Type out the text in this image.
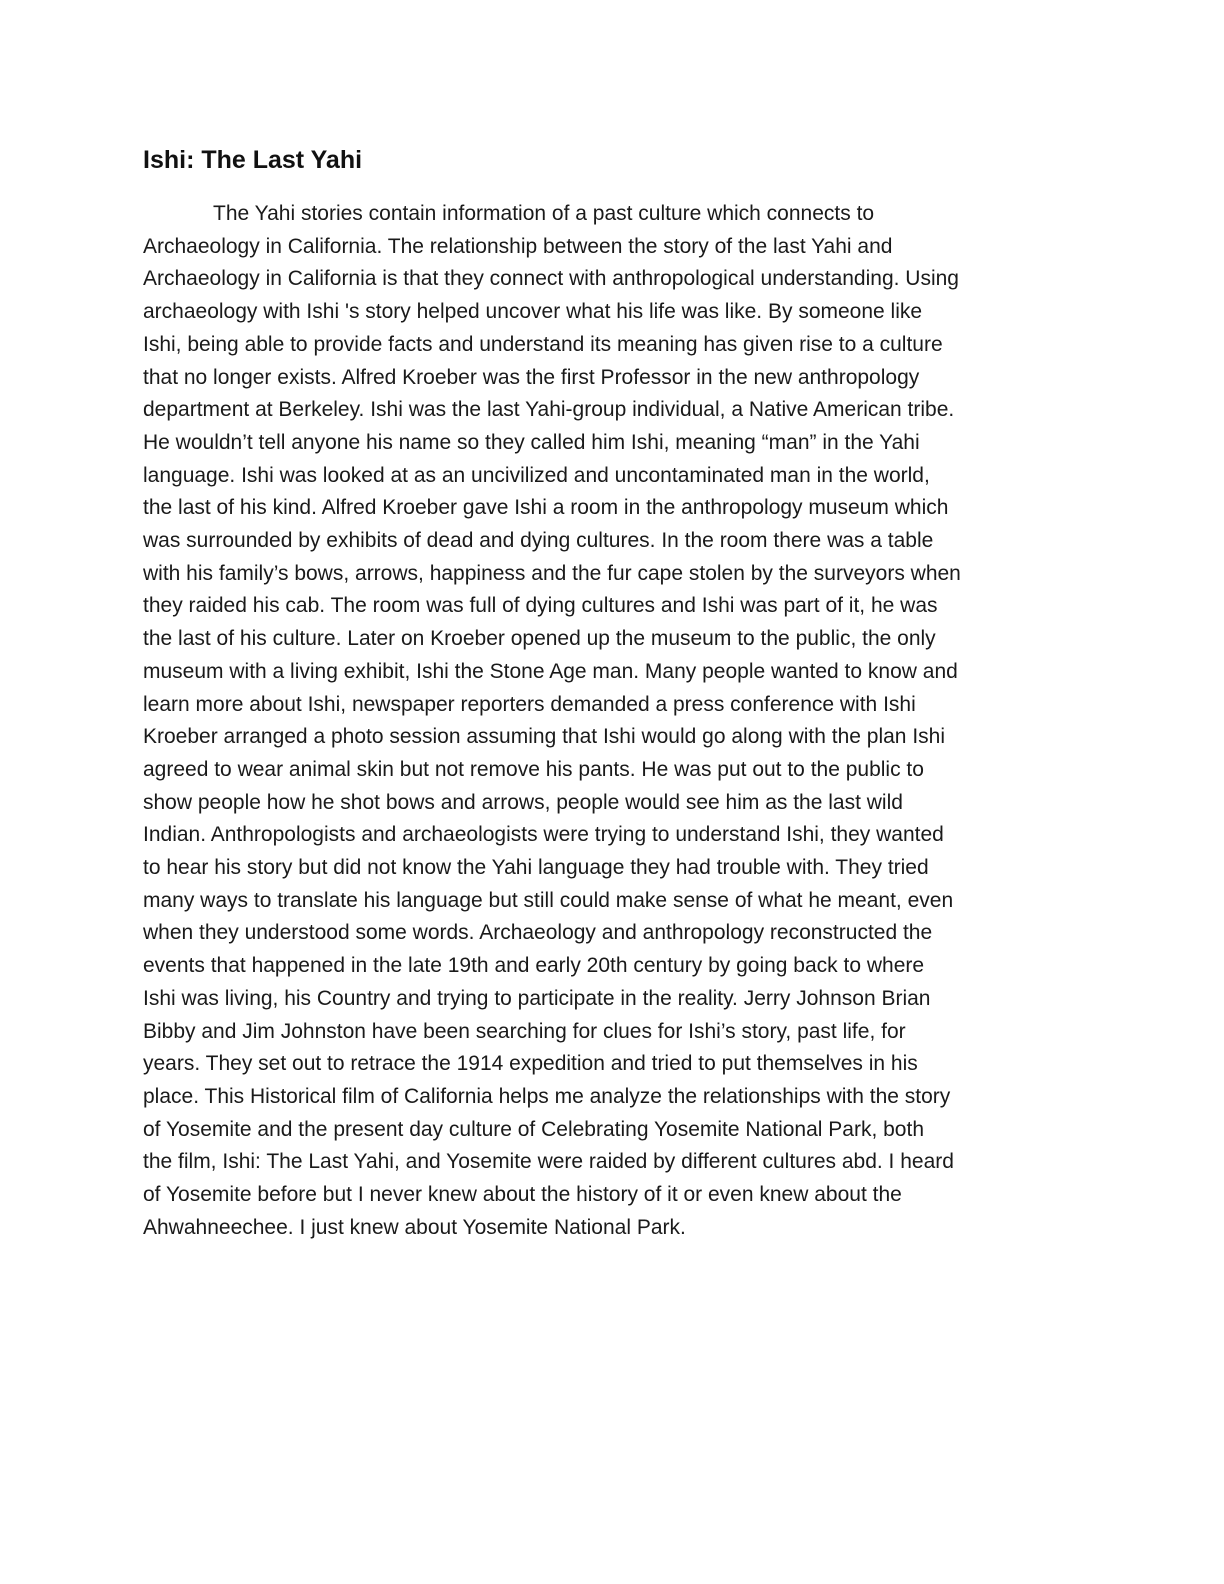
Ishi: The Last Yahi
The Yahi stories contain information of a past culture which connects to
Archaeology in California. The relationship between the story of the last Yahi and
Archaeology in California is that they connect with anthropological understanding. Using
archaeology with Ishi 's story helped uncover what his life was like. By someone like
Ishi, being able to provide facts and understand its meaning has given rise to a culture
that no longer exists. Alfred Kroeber was the first Professor in the new anthropology
department at Berkeley. Ishi was the last Yahi-group individual, a Native American tribe.
He wouldn’t tell anyone his name so they called him Ishi, meaning “man” in the Yahi
language. Ishi was looked at as an uncivilized and uncontaminated man in the world,
the last of his kind. Alfred Kroeber gave Ishi a room in the anthropology museum which
was surrounded by exhibits of dead and dying cultures. In the room there was a table
with his family’s bows, arrows, happiness and the fur cape stolen by the surveyors when
they raided his cab. The room was full of dying cultures and Ishi was part of it, he was
the last of his culture. Later on Kroeber opened up the museum to the public, the only
museum with a living exhibit, Ishi the Stone Age man. Many people wanted to know and
learn more about Ishi, newspaper reporters demanded a press conference with Ishi
Kroeber arranged a photo session assuming that Ishi would go along with the plan Ishi
agreed to wear animal skin but not remove his pants. He was put out to the public to
show people how he shot bows and arrows, people would see him as the last wild
Indian. Anthropologists and archaeologists were trying to understand Ishi, they wanted
to hear his story but did not know the Yahi language they had trouble with. They tried
many ways to translate his language but still could make sense of what he meant, even
when they understood some words. Archaeology and anthropology reconstructed the
events that happened in the late 19th and early 20th century by going back to where
Ishi was living, his Country and trying to participate in the reality. Jerry Johnson Brian
Bibby and Jim Johnston have been searching for clues for Ishi’s story, past life, for
years. They set out to retrace the 1914 expedition and tried to put themselves in his
place. This Historical film of California helps me analyze the relationships with the story
of Yosemite and the present day culture of Celebrating Yosemite National Park, both
the film, Ishi: The Last Yahi, and Yosemite were raided by different cultures abd. I heard
of Yosemite before but I never knew about the history of it or even knew about the
Ahwahneechee. I just knew about Yosemite National Park.
